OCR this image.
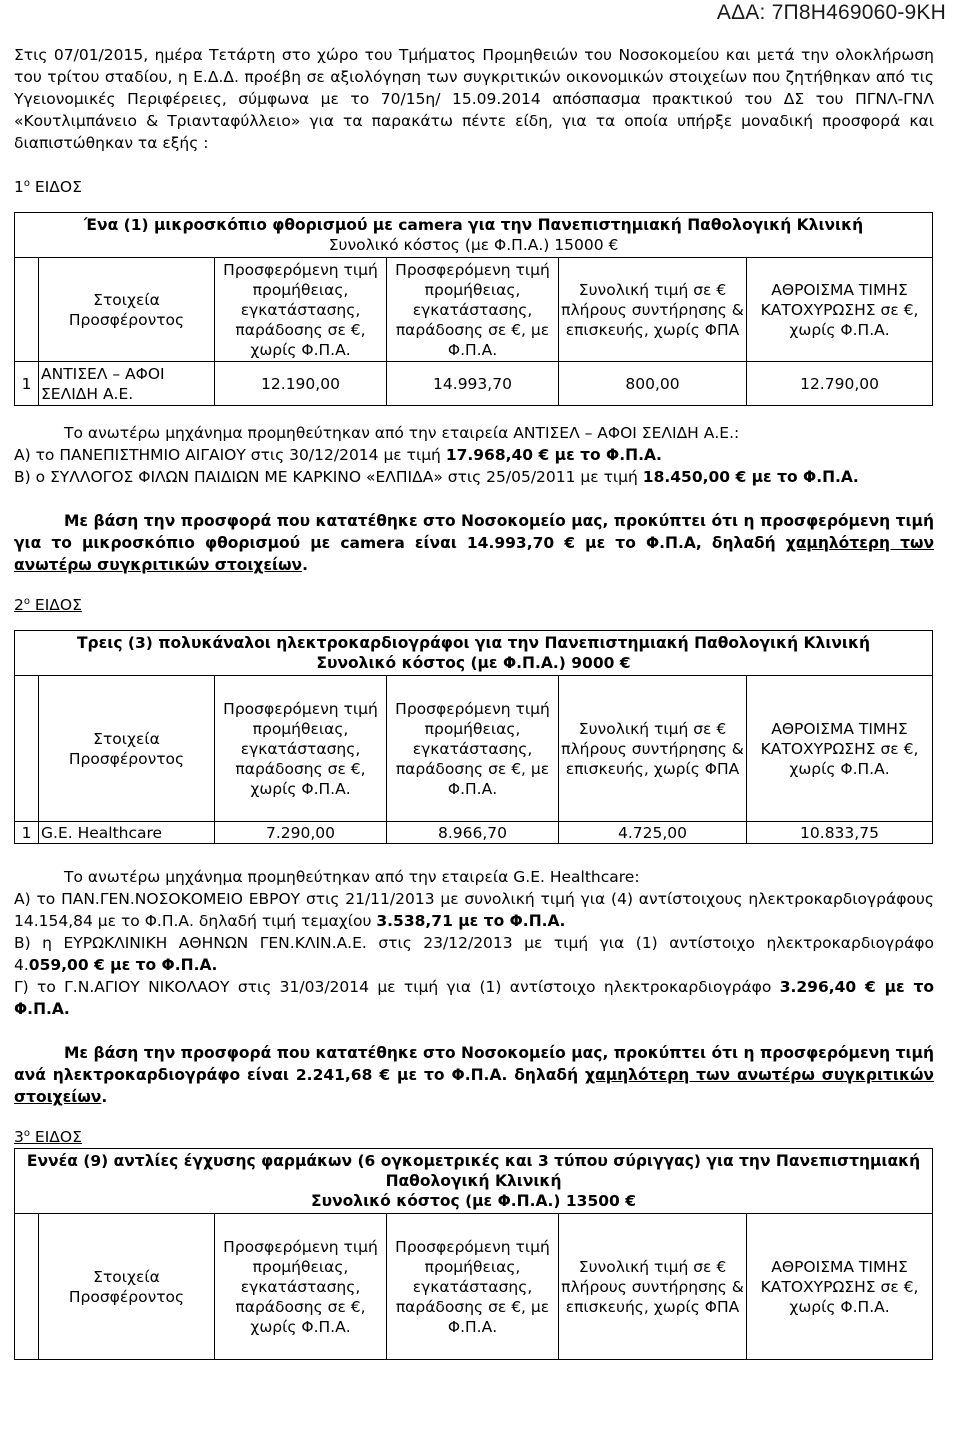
ΑΔΑ: 7Π8Η469060-9ΚΗ

Στις 07/01/2015, ημέρα Τετάρτη στο χώρο του Τμήματος Προμηθειών του Νοσοκομείου και μετά την ολοκλήρωση του τρίτου σταδίου, η Ε.Δ.Δ. προέβη σε αξιολόγηση των συγκριτικών οικονομικών στοιχείων που ζητήθηκαν από τις Υγειονομικές Περιφέρειες, σύμφωνα με το 70/15η/ 15.09.2014 απόσπασμα πρακτικού του ΔΣ του ΠΓΝΛ-ΓΝΛ «Κουτλιμπάνειο & Τριανταφύλλειο» για τα παρακάτω πέντε είδη, για τα οποία υπήρξε μοναδική προσφορά και διαπιστώθηκαν τα εξής :

$1^o$ ΕΙΔΟΣ
Ένα (1) μικροσκόπιο φθορισμού με camera για την Πανεπιστημιακή Παθολογική Κλινική
Συνολικό κόστος (με Φ.Π.Α.) 15000 €					

	Στοιχεία Προσφέροντος	Προσφερόμενη τιμή προμήθειας, εγκατάστασης, παράδοσης σε €, χωρίς Φ.Π.Α.	Προσφερόμενη τιμή προμήθειας, εγκατάστασης, παράδοσης σε €, με Φ.Π.Α.	Συνολική τιμή σε € πλήρους συντήρησης & επισκευής, χωρίς ΦΠΑ	ΑΘΡΟΙΣΜΑ ΤΙΜΗΣ ΚΑΤΟΧΥΡΩΣΗΣ σε €, χωρίς Φ.Π.Α.
1	ΑΝΤΙΣΕΛ – ΑΦΟΙ ΣΕΛΙΔΗ Α.Ε.	12.190,00	14.993,70	800,00	12.790,00

Το ανωτέρω μηχάνημα προμηθεύτηκαν από την εταιρεία ΑΝΤΙΣΕΛ – ΑΦΟΙ ΣΕΛΙΔΗ Α.Ε.:

Α) το ΠΑΝΕΠΙΣΤΗΜΙΟ ΑΙΓΑΙΟΥ στις 30/12/2014 με τιμή 17.968,40 € με το Φ.Π.Α.

Β) ο ΣΥΛΛΟΓΟΣ ΦΙΛΩΝ ΠΑΙΔΙΩΝ ΜΕ ΚΑΡΚΙΝΟ «ΕΛΠΙΔΑ» στις 25/05/2011 με τιμή 18.450,00 € με το Φ.Π.Α.

Με βάση την προσφορά που κατατέθηκε στο Νοσοκομείο μας, προκύπτει ότι η προσφερόμενη τιμή για το μικροσκόπιο φθορισμού με camera είναι 14.993,70 € με το Φ.Π.Α, δηλαδή χαμηλότερη των ανωτέρω συγκριτικών στοιχείων.

$2^o$ ΕΙΔΟΣ
Τρεις (3) πολυκάναλοι ηλεκτροκαρδιογράφοι για την Πανεπιστημιακή Παθολογική Κλινική
Συνολικό κόστος (με Φ.Π.Α.) 9000 €					

	Στοιχεία Προσφέροντος	Προσφερόμενη τιμή προμήθειας, εγκατάστασης, παράδοσης σε €, χωρίς Φ.Π.Α.	Προσφερόμενη τιμή προμήθειας, εγκατάστασης, παράδοσης σε €, με Φ.Π.Α.	Συνολική τιμή σε € πλήρους συντήρησης & επισκευής, χωρίς ΦΠΑ	ΑΘΡΟΙΣΜΑ ΤΙΜΗΣ ΚΑΤΟΧΥΡΩΣΗΣ σε €, χωρίς Φ.Π.Α.
1	G.E. Healthcare	7.290,00	8.966,70	4.725,00	10.833,75

Το ανωτέρω μηχάνημα προμηθεύτηκαν από την εταιρεία G.E. Healthcare:

Α) το ΠΑΝ.ΓΕΝ.ΝΟΣΟΚΟΜΕΙΟ ΕΒΡΟΥ στις 21/11/2013 με συνολική τιμή για (4) αντίστοιχους ηλεκτροκαρδιογράφους 14.154,84 με το Φ.Π.Α. δηλαδή τιμή τεμαχίου 3.538,71 με το Φ.Π.Α.

Β) η ΕΥΡΩΚΛΙΝΙΚΗ ΑΘΗΝΩΝ ΓΕΝ.ΚΛΙΝ.Α.Ε. στις 23/12/2013 με τιμή για (1) αντίστοιχο ηλεκτροκαρδιογράφο 4.059,00 € με το Φ.Π.Α.

Γ) το Γ.Ν.ΑΓΙΟΥ ΝΙΚΟΛΑΟΥ στις 31/03/2014 με τιμή για (1) αντίστοιχο ηλεκτροκαρδιογράφο 3.296,40 € με το Φ.Π.Α.

Με βάση την προσφορά που κατατέθηκε στο Νοσοκομείο μας, προκύπτει ότι η προσφερόμενη τιμή ανά ηλεκτροκαρδιογράφο είναι 2.241,68 € με το Φ.Π.Α. δηλαδή χαμηλότερη των ανωτέρω συγκριτικών στοιχείων.

$3^o$ ΕΙΔΟΣ
Εννέα (9) αντλίες έγχυσης φαρμάκων (6 ογκομετρικές και 3 τύπου σύριγγας) για την Πανεπιστημιακή Παθολογική Κλινική
Συνολικό κόστος (με Φ.Π.Α.) 13500 €

	Στοιχεία Προσφέροντος	Προσφερόμενη τιμή προμήθειας, εγκατάστασης, παράδοσης σε €, χωρίς Φ.Π.Α.	Προσφερόμενη τιμή προμήθειας, εγκατάστασης, παράδοσης σε €, με Φ.Π.Α.	Συνολική τιμή σε € πλήρους συντήρησης & επισκευής, χωρίς ΦΠΑ	ΑΘΡΟΙΣΜΑ ΤΙΜΗΣ ΚΑΤΟΧΥΡΩΣΗΣ σε €, χωρίς Φ.Π.Α.
